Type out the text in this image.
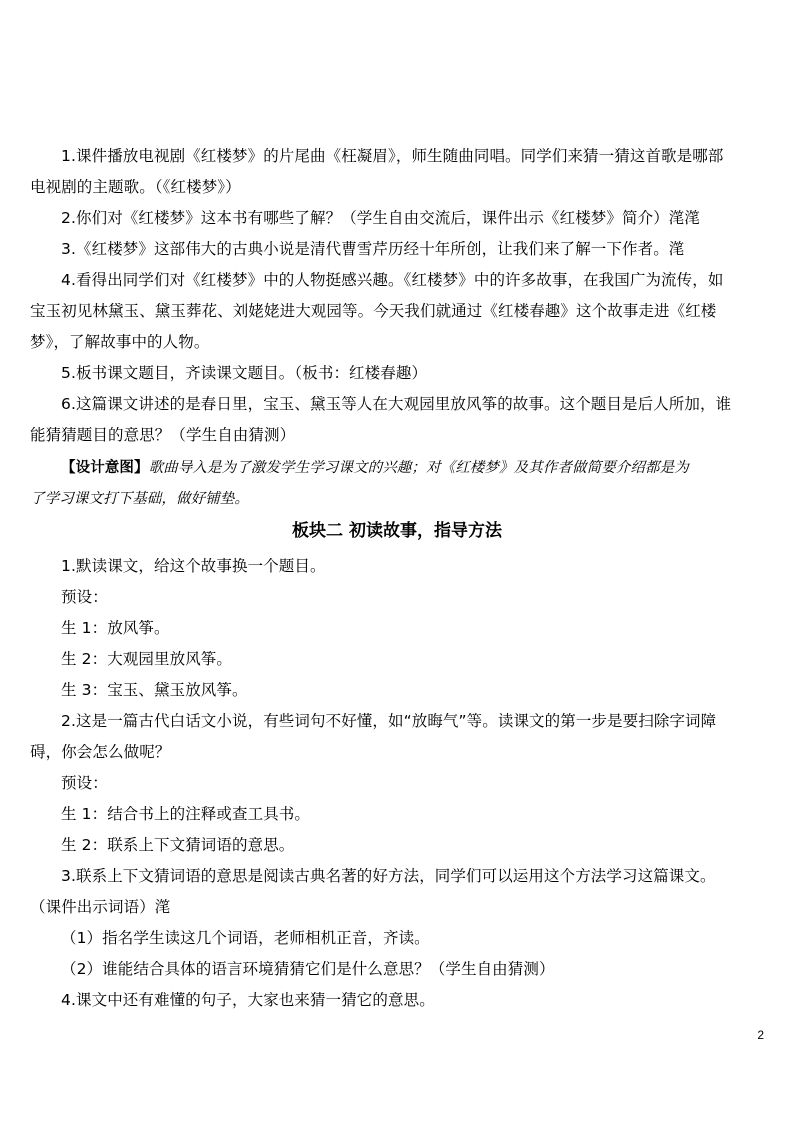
1.课件播放电视剧《红楼梦》的片尾曲《枉凝眉》，师生随曲同唱。同学们来猜一猜这首歌是哪部
电视剧的主题歌。（《红楼梦》）
2.你们对《红楼梦》这本书有哪些了解？（学生自由交流后，课件出示《红楼梦》简介）滗滗
3.《红楼梦》这部伟大的古典小说是清代曹雪芹历经十年所创，让我们来了解一下作者。滗
4.看得出同学们对《红楼梦》中的人物挺感兴趣。《红楼梦》中的许多故事，在我国广为流传，如
宝玉初见林黛玉、黛玉葬花、刘姥姥进大观园等。今天我们就通过《红楼春趣》这个故事走进《红楼
梦》，了解故事中的人物。
5.板书课文题目，齐读课文题目。（板书：红楼春趣）
6.这篇课文讲述的是春日里，宝玉、黛玉等人在大观园里放风筝的故事。这个题目是后人所加，谁
能猜猜题目的意思？（学生自由猜测）
【设计意图】歌曲导入是为了激发学生学习课文的兴趣；对《红楼梦》及其作者做简要介绍都是为
了学习课文打下基础，做好铺垫。
板块二 初读故事，指导方法
1.默读课文，给这个故事换一个题目。
预设：
生 1：放风筝。
生 2：大观园里放风筝。
生 3：宝玉、黛玉放风筝。
2.这是一篇古代白话文小说，有些词句不好懂，如“放晦气”等。读课文的第一步是要扫除字词障
碍，你会怎么做呢？
预设：
生 1：结合书上的注释或查工具书。
生 2：联系上下文猜词语的意思。
3.联系上下文猜词语的意思是阅读古典名著的好方法，同学们可以运用这个方法学习这篇课文。
（课件出示词语）滗
（1）指名学生读这几个词语，老师相机正音，齐读。
（2）谁能结合具体的语言环境猜猜它们是什么意思？（学生自由猜测）
4.课文中还有难懂的句子，大家也来猜一猜它的意思。
2
